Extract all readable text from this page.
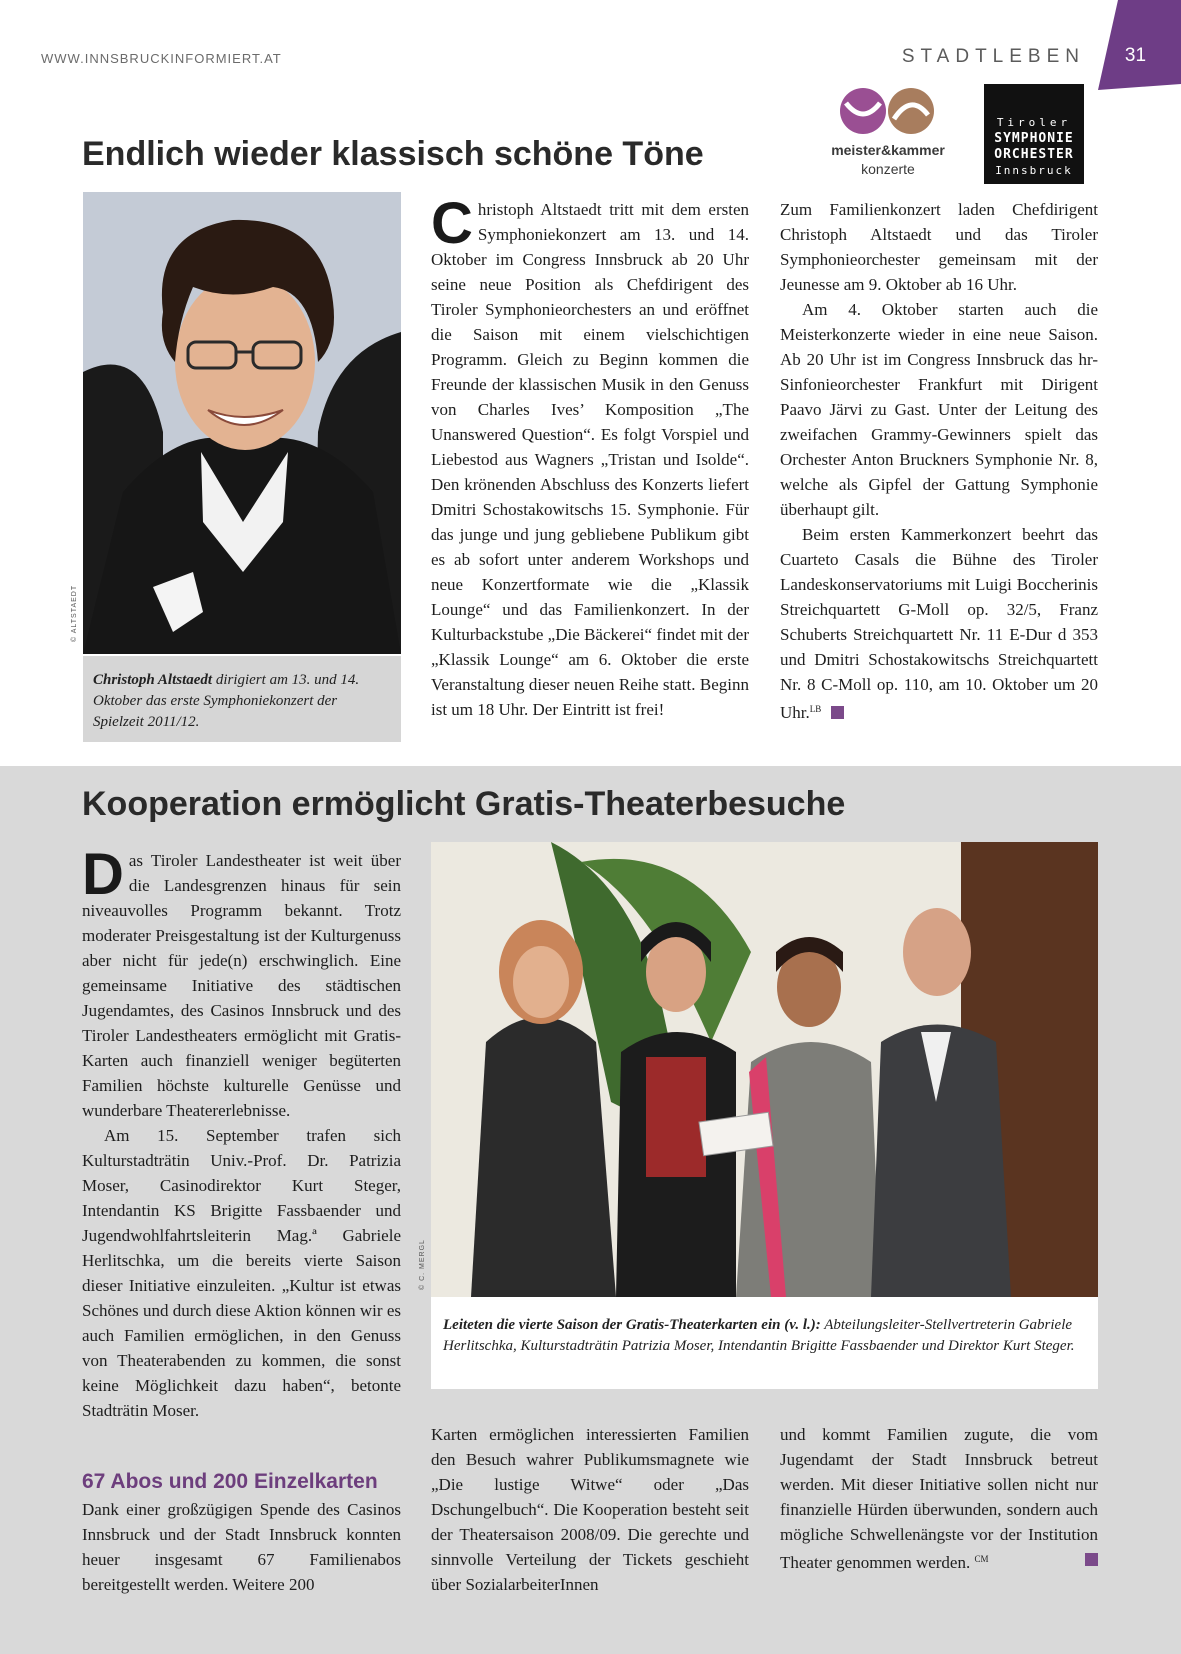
WWW.INNSBRUCKINFORMIERT.AT	STADTLEBEN	31
meister&kammer
konzerte
Tiroler
SYMPHONIE
ORCHESTER
Innsbruck
Endlich wieder klassisch schöne Töne
© ALTSTAEDT
Christoph Altstaedt dirigiert am 13. und 14. Oktober das erste Symphoniekonzert der Spielzeit 2011/12.

Christoph Altstaedt tritt mit dem ersten Symphoniekonzert am 13. und 14. Oktober im Congress Innsbruck ab 20 Uhr seine neue Position als Chefdirigent des Tiroler Symphonieorchesters an und eröffnet die Saison mit einem vielschichtigen Programm. Gleich zu Beginn kommen die Freunde der klassischen Musik in den Genuss von Charles Ives’ Komposition „The Unanswered Question“. Es folgt Vorspiel und Liebestod aus Wagners „Tristan und Isolde“. Den krönenden Abschluss des Konzerts liefert Dmitri Schostakowitschs 15. Symphonie. Für das junge und jung gebliebene Publikum gibt es ab sofort unter anderem Workshops und neue Konzertformate wie die „Klassik Lounge“ und das Familienkonzert. In der Kulturbackstube „Die Bäckerei“ findet mit der „Klassik Lounge“ am 6. Oktober die erste Veranstaltung dieser neuen Reihe statt. Beginn ist um 18 Uhr. Der Eintritt ist frei!

Zum Familienkonzert laden Chefdirigent Christoph Altstaedt und das Tiroler Symphonieorchester gemeinsam mit der Jeunesse am 9. Oktober ab 16 Uhr.

Am 4. Oktober starten auch die Meisterkonzerte wieder in eine neue Saison. Ab 20 Uhr ist im Congress Innsbruck das hr-Sinfonieorchester Frankfurt mit Dirigent Paavo Järvi zu Gast. Unter der Leitung des zweifachen Grammy-Gewinners spielt das Orchester Anton Bruckners Symphonie Nr. 8, welche als Gipfel der Gattung Symphonie überhaupt gilt.

Beim ersten Kammerkonzert beehrt das Cuarteto Casals die Bühne des Tiroler Landeskonservatoriums mit Luigi Boccherinis Streichquartett G-Moll op. 32/5, Franz Schuberts Streichquartett Nr. 11 E-Dur d 353 und Dmitri Schostakowitschs Streichquartett Nr. 8 C-Moll op. 110, am 10. Oktober um 20 Uhr.$^{LB}$

Kooperation ermöglicht Gratis-Theaterbesuche

Das Tiroler Landestheater ist weit über die Landesgrenzen hinaus für sein niveauvolles Programm bekannt. Trotz moderater Preisgestaltung ist der Kulturgenuss aber nicht für jede(n) erschwinglich. Eine gemeinsame Initiative des städtischen Jugendamtes, des Casinos Innsbruck und des Tiroler Landestheaters ermöglicht mit Gratis-Karten auch finanziell weniger begüterten Familien höchste kulturelle Genüsse und wunderbare Theatererlebnisse.

Am 15. September trafen sich Kulturstadträtin Univ.-Prof. Dr. Patrizia Moser, Casinodirektor Kurt Steger, Intendantin KS Brigitte Fassbaender und Jugendwohlfahrtsleiterin Mag.ª Gabriele Herlitschka, um die bereits vierte Saison dieser Initiative einzuleiten. „Kultur ist etwas Schönes und durch diese Aktion können wir es auch Familien ermöglichen, in den Genuss von Theaterabenden zu kommen, die sonst keine Möglichkeit dazu haben“, betonte Stadträtin Moser.

67 Abos und 200 Einzelkarten

Dank einer großzügigen Spende des Casinos Innsbruck und der Stadt Innsbruck konnten heuer insgesamt 67 Familienabos bereitgestellt werden. Weitere 200

© C. MERGL
Leiteten die vierte Saison der Gratis-Theaterkarten ein (v. l.): Abteilungsleiter-Stellvertreterin Gabriele Herlitschka, Kulturstadträtin Patrizia Moser, Intendantin Brigitte Fassbaender und Direktor Kurt Steger.

Karten ermöglichen interessierten Familien den Besuch wahrer Publikumsmagnete wie „Die lustige Witwe“ oder „Das Dschungelbuch“. Die Kooperation besteht seit der Theatersaison 2008/09. Die gerechte und sinnvolle Verteilung der Tickets geschieht über SozialarbeiterInnen

und kommt Familien zugute, die vom Jugendamt der Stadt Innsbruck betreut werden. Mit dieser Initiative sollen nicht nur finanzielle Hürden überwunden, sondern auch mögliche Schwellenängste vor der Institution Theater genommen werden. $^{CM}$
